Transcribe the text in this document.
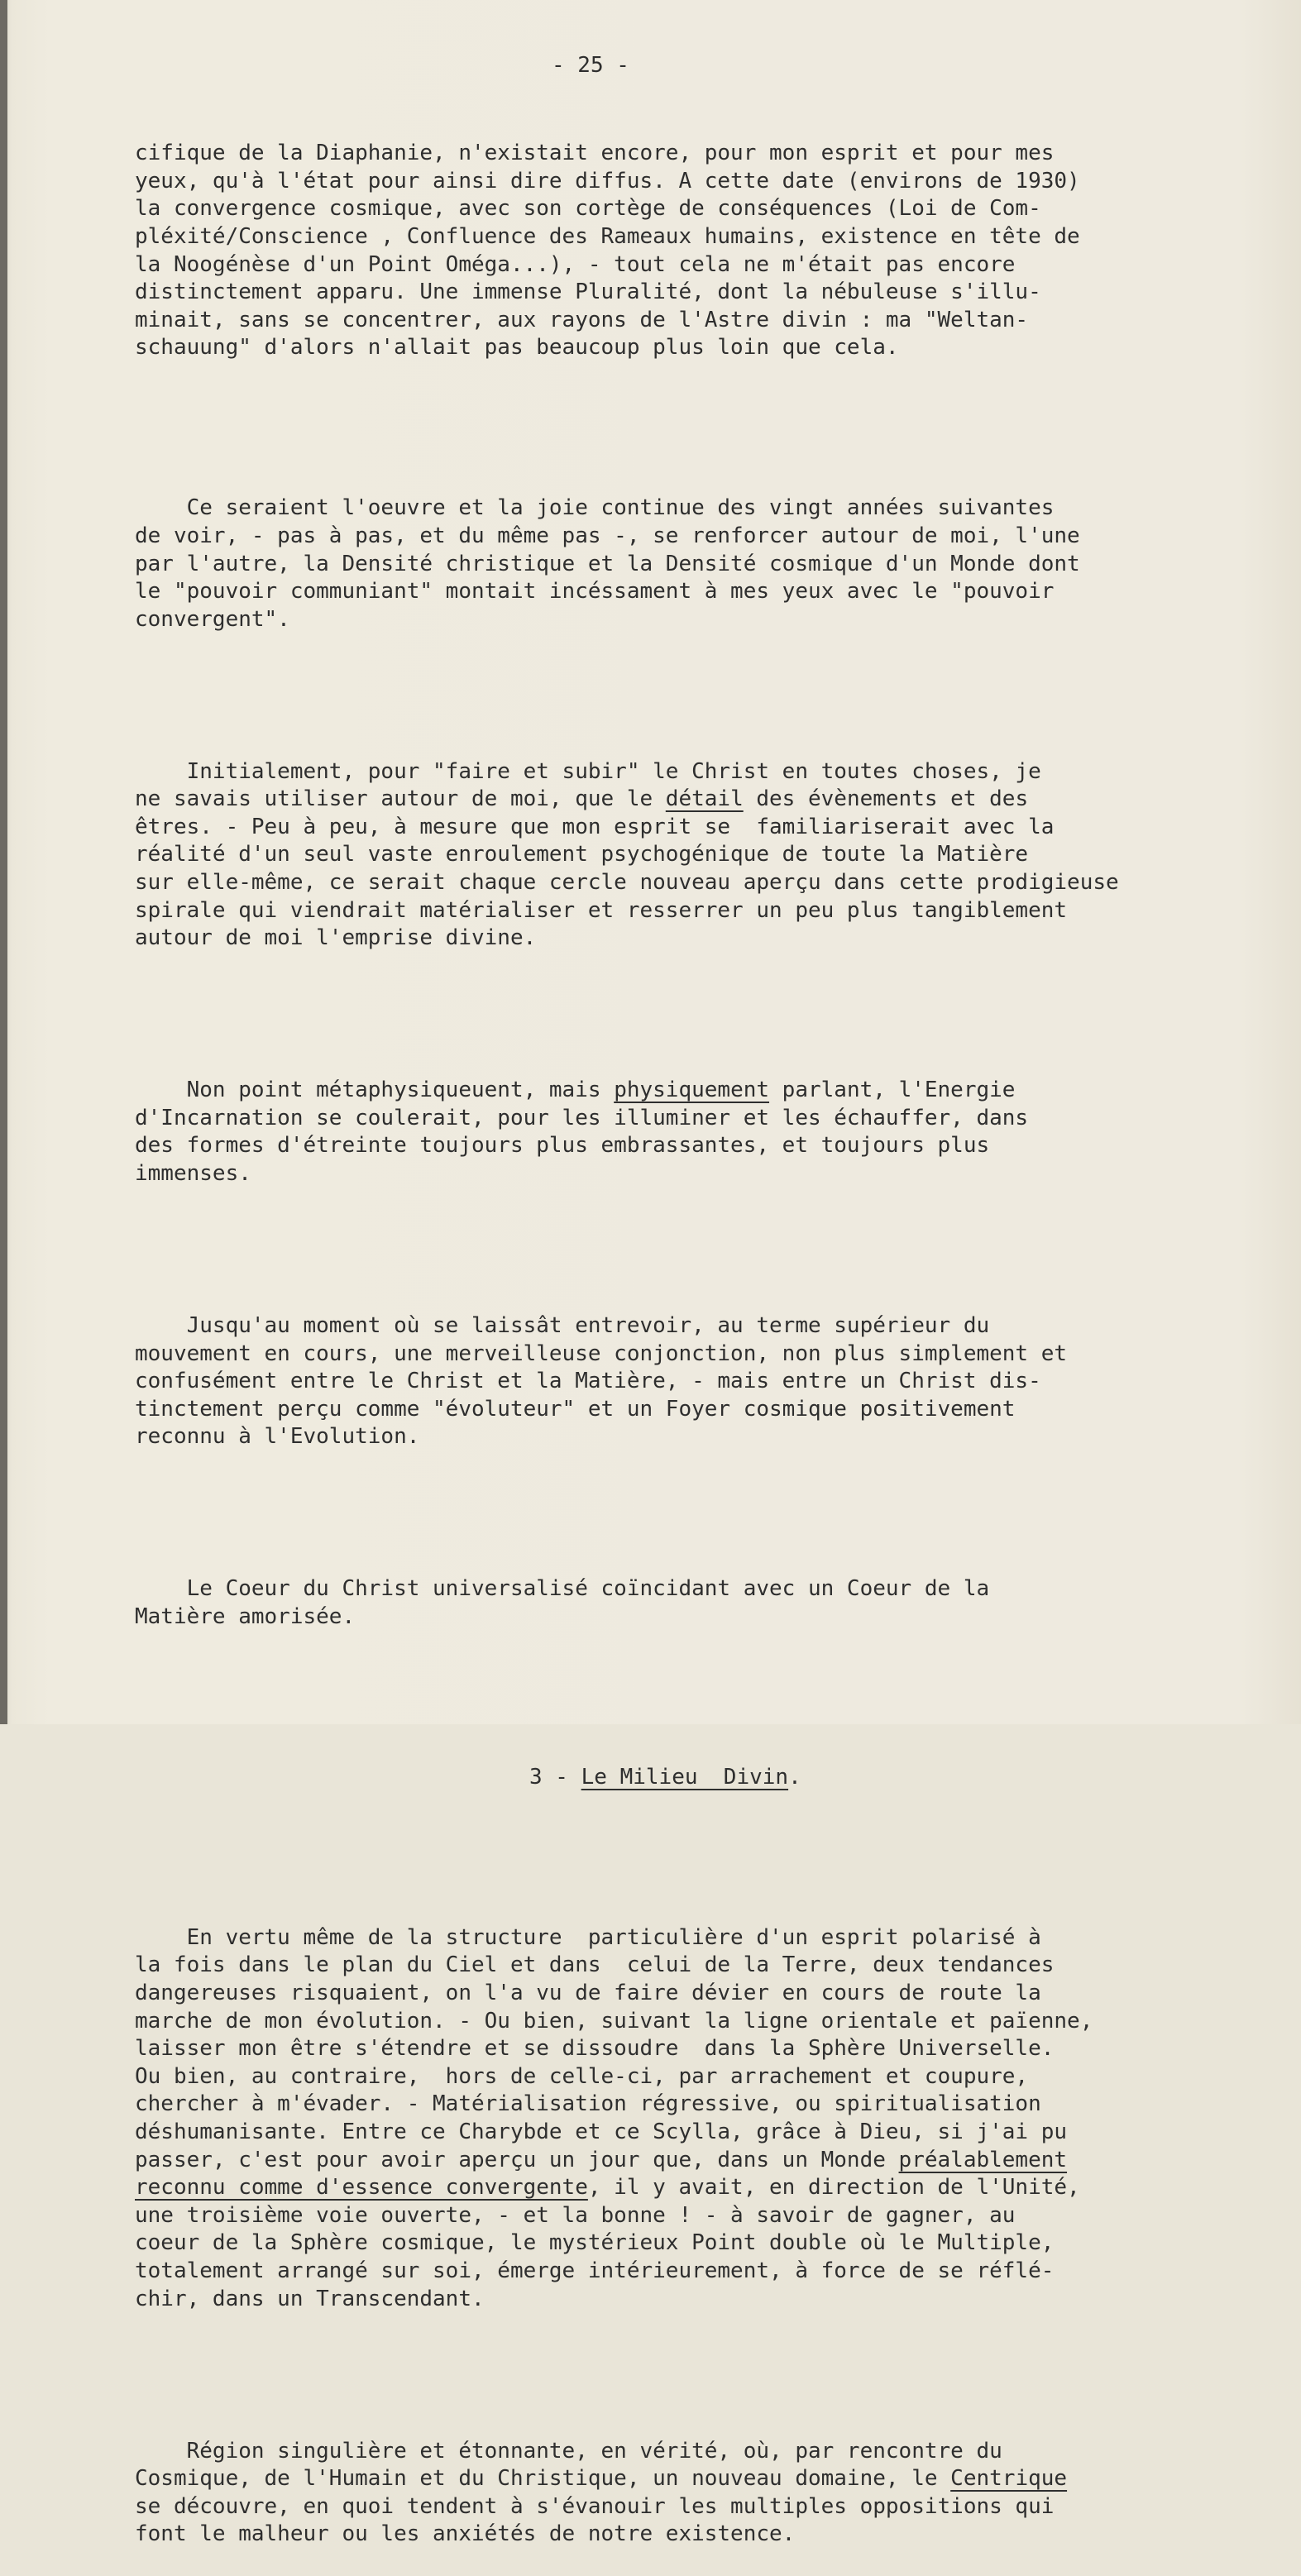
- 25 -

cifique de la Diaphanie, n'existait encore, pour mon esprit et pour mes
yeux, qu'à l'état pour ainsi dire diffus. A cette date (environs de 1930)
la convergence cosmique, avec son cortège de conséquences (Loi de Com-
pléxité/Conscience , Confluence des Rameaux humains, existence en tête de
la Noogénèse d'un Point Oméga...), - tout cela ne m'était pas encore
distinctement apparu. Une immense Pluralité, dont la nébuleuse s'illu-
minait, sans se concentrer, aux rayons de l'Astre divin : ma "Weltan-
schauung" d'alors n'allait pas beaucoup plus loin que cela.

Ce seraient l'oeuvre et la joie continue des vingt années suivantes
de voir, - pas à pas, et du même pas -, se renforcer autour de moi, l'une
par l'autre, la Densité christique et la Densité cosmique d'un Monde dont
le "pouvoir communiant" montait incéssament à mes yeux avec le "pouvoir
convergent".

Initialement, pour "faire et subir" le Christ en toutes choses, je
ne savais utiliser autour de moi, que le détail des évènements et des
êtres. - Peu à peu, à mesure que mon esprit se  familiariserait avec la
réalité d'un seul vaste enroulement psychogénique de toute la Matière
sur elle-même, ce serait chaque cercle nouveau aperçu dans cette prodigieuse
spirale qui viendrait matérialiser et resserrer un peu plus tangiblement
autour de moi l'emprise divine.

Non point métaphysiqueuent, mais physiquement parlant, l'Energie
d'Incarnation se coulerait, pour les illuminer et les échauffer, dans
des formes d'étreinte toujours plus embrassantes, et toujours plus
immenses.

Jusqu'au moment où se laissât entrevoir, au terme supérieur du
mouvement en cours, une merveilleuse conjonction, non plus simplement et
confusément entre le Christ et la Matière, - mais entre un Christ dis-
tinctement perçu comme "évoluteur" et un Foyer cosmique positivement
reconnu à l'Evolution.

Le Coeur du Christ universalisé coïncidant avec un Coeur de la
Matière amorisée.

3 - Le Milieu  Divin.

En vertu même de la structure  particulière d'un esprit polarisé à
la fois dans le plan du Ciel et dans  celui de la Terre, deux tendances
dangereuses risquaient, on l'a vu de faire dévier en cours de route la
marche de mon évolution. - Ou bien, suivant la ligne orientale et païenne,
laisser mon être s'étendre et se dissoudre  dans la Sphère Universelle.
Ou bien, au contraire,  hors de celle-ci, par arrachement et coupure,
chercher à m'évader. - Matérialisation régressive, ou spiritualisation
déshumanisante. Entre ce Charybde et ce Scylla, grâce à Dieu, si j'ai pu
passer, c'est pour avoir aperçu un jour que, dans un Monde préalablement
reconnu comme d'essence convergente, il y avait, en direction de l'Unité,
une troisième voie ouverte, - et la bonne ! - à savoir de gagner, au
coeur de la Sphère cosmique, le mystérieux Point double où le Multiple,
totalement arrangé sur soi, émerge intérieurement, à force de se réflé-
chir, dans un Transcendant.

Région singulière et étonnante, en vérité, où, par rencontre du
Cosmique, de l'Humain et du Christique, un nouveau domaine, le Centrique
se découvre, en quoi tendent à s'évanouir les multiples oppositions qui
font le malheur ou les anxiétés de notre existence.
